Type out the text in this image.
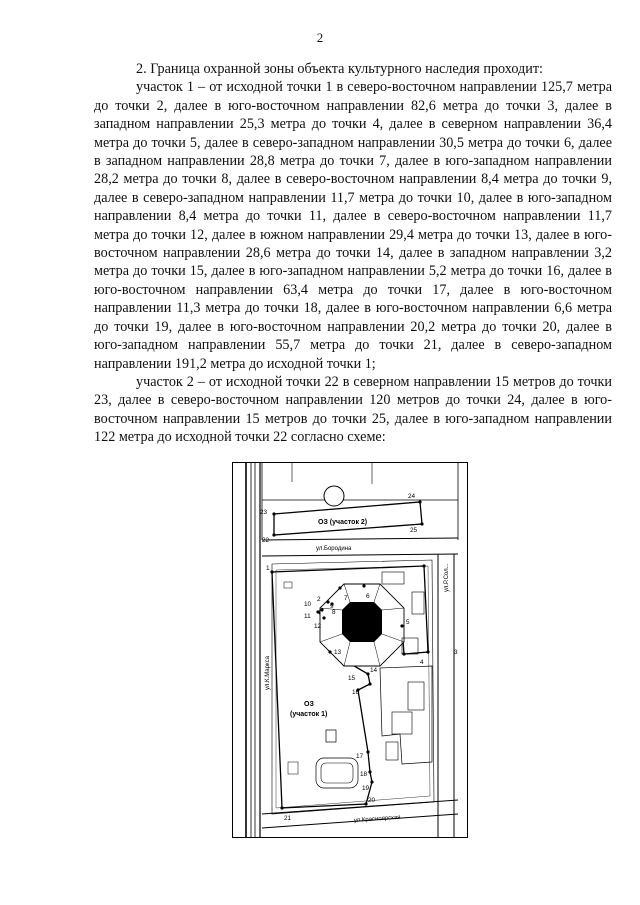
2

2. Граница охранной зоны объекта культурного наследия проходит:

участок 1 – от исходной точки 1 в северо-восточном направлении 125,7 метра до точки 2, далее в юго-восточном направлении 82,6 метра до точки 3, далее в западном направлении 25,3 метра до точки 4, далее в северном направлении 36,4 метра до точки 5, далее в северо-западном направлении 30,5 метра до точки 6, далее в западном направлении 28,8 метра до точки 7, далее в юго-западном направлении 28,2 метра до точки 8, далее в северо-восточном направлении 8,4 метра до точки 9, далее в северо-западном направлении 11,7 метра до точки 10, далее в юго-западном направлении 8,4 метра до точки 11, далее в северо-восточном направлении 11,7 метра до точки 12, далее в южном направлении 29,4 метра до точки 13, далее в юго-восточном направлении 28,6 метра до точки 14, далее в западном направлении 3,2 метра до точки 15, далее в юго-западном направлении 5,2 метра до точки 16, далее в юго-восточном направлении 63,4 метра до точки 17, далее в юго-восточном направлении 11,3 метра до точки 18, далее в юго-восточном направлении 6,6 метра до точки 19, далее в юго-восточном направлении 20,2 метра до точки 20, далее в юго-западном направлении 55,7 метра до точки 21, далее в северо-западном направлении 191,2 метра до исходной точки 1;

участок 2 – от исходной точки 22 в северном направлении 15 метров до точки 23, далее в северо-восточном направлении 120 метров до точки 24, далее в юго-восточном направлении 15 метров до точки 25, далее в юго-западном направлении 122 метра до исходной точки 22 согласно схеме:

ОЗ (участок 2)
23
24
25
22
ул.Бородина
ул.Р.Сол...
ул.Красноярская
ул.К.Маркса
1
2
3
4
5
6
7
8
9
10
11
12
13
14
15
16
17
18
19
20
21
ОЗ
(участок 1)
